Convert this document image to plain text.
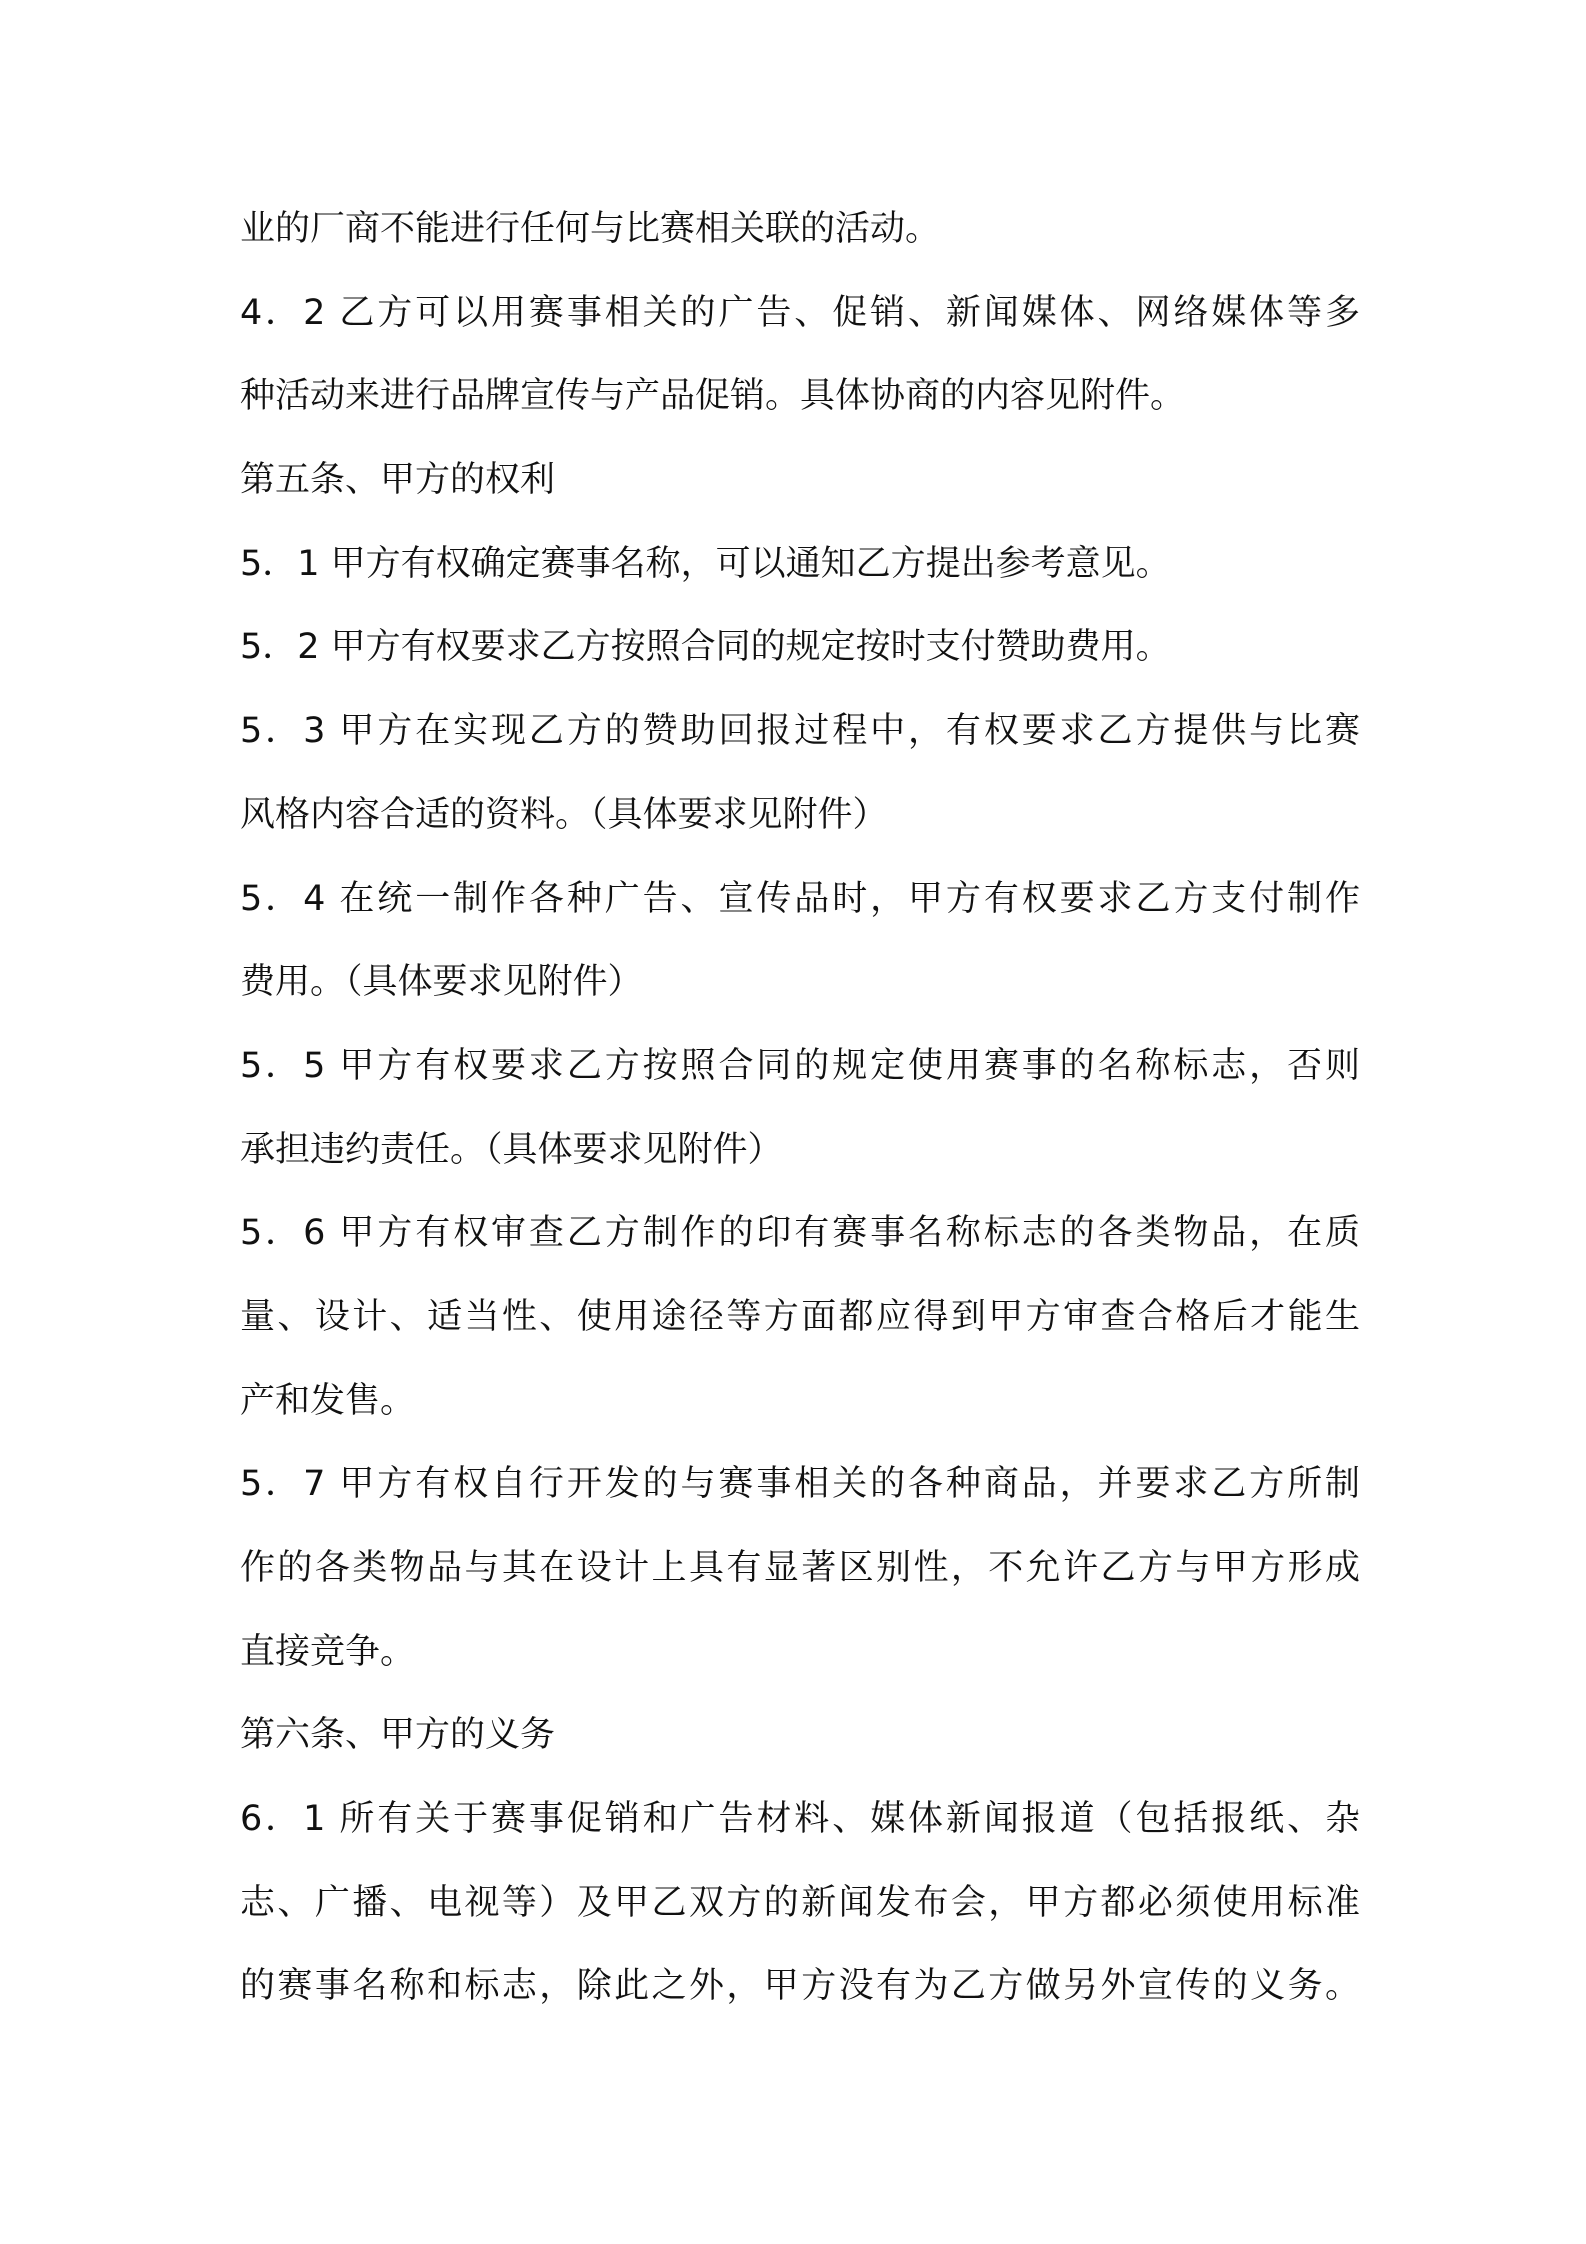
业的厂商不能进行任何与比赛相关联的活动。
4．2 乙方可以用赛事相关的广告、促销、新闻媒体、网络媒体等多
种活动来进行品牌宣传与产品促销。具体协商的内容见附件。
第五条、甲方的权利
5．1 甲方有权确定赛事名称，可以通知乙方提出参考意见。
5．2 甲方有权要求乙方按照合同的规定按时支付赞助费用。
5．3 甲方在实现乙方的赞助回报过程中，有权要求乙方提供与比赛
风格内容合适的资料。（具体要求见附件）
5．4 在统一制作各种广告、宣传品时，甲方有权要求乙方支付制作
费用。（具体要求见附件）
5．5 甲方有权要求乙方按照合同的规定使用赛事的名称标志，否则
承担违约责任。（具体要求见附件）
5．6 甲方有权审查乙方制作的印有赛事名称标志的各类物品，在质
量、设计、适当性、使用途径等方面都应得到甲方审查合格后才能生
产和发售。
5．7 甲方有权自行开发的与赛事相关的各种商品，并要求乙方所制
作的各类物品与其在设计上具有显著区别性，不允许乙方与甲方形成
直接竞争。
第六条、甲方的义务
6．1 所有关于赛事促销和广告材料、媒体新闻报道（包括报纸、杂
志、广播、电视等）及甲乙双方的新闻发布会，甲方都必须使用标准
的赛事名称和标志，除此之外，甲方没有为乙方做另外宣传的义务。
